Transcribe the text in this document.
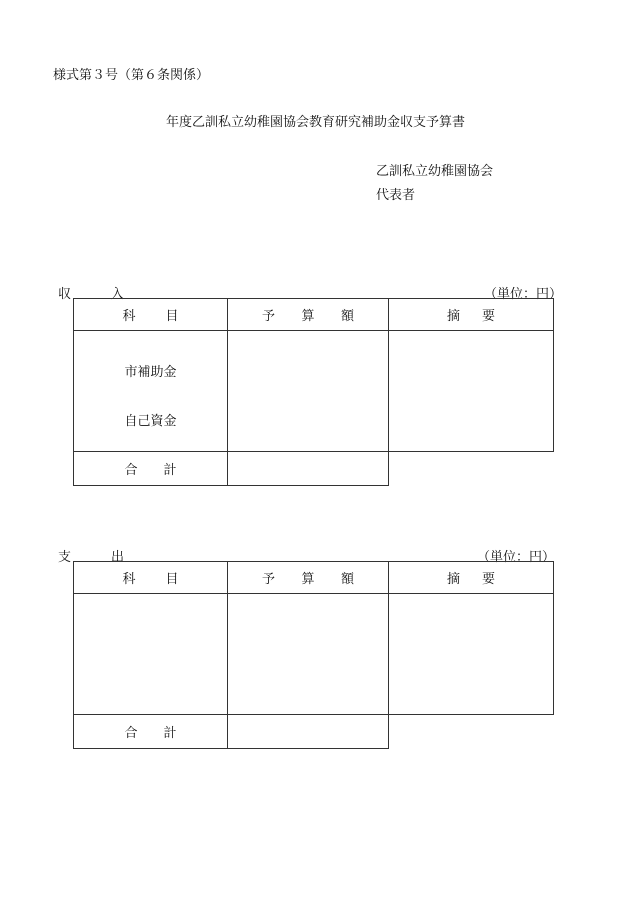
様式第３号（第６条関係）
年度乙訓私立幼稚園協会教育研究補助金収支予算書
乙訓私立幼稚園協会
代表者
収	入	（単位：円）
科 目	予 算 額	摘 要

市補助金
自己資金		

合 計		

支	出	（単位：円）
科 目	予 算 額	摘 要

合 計		
